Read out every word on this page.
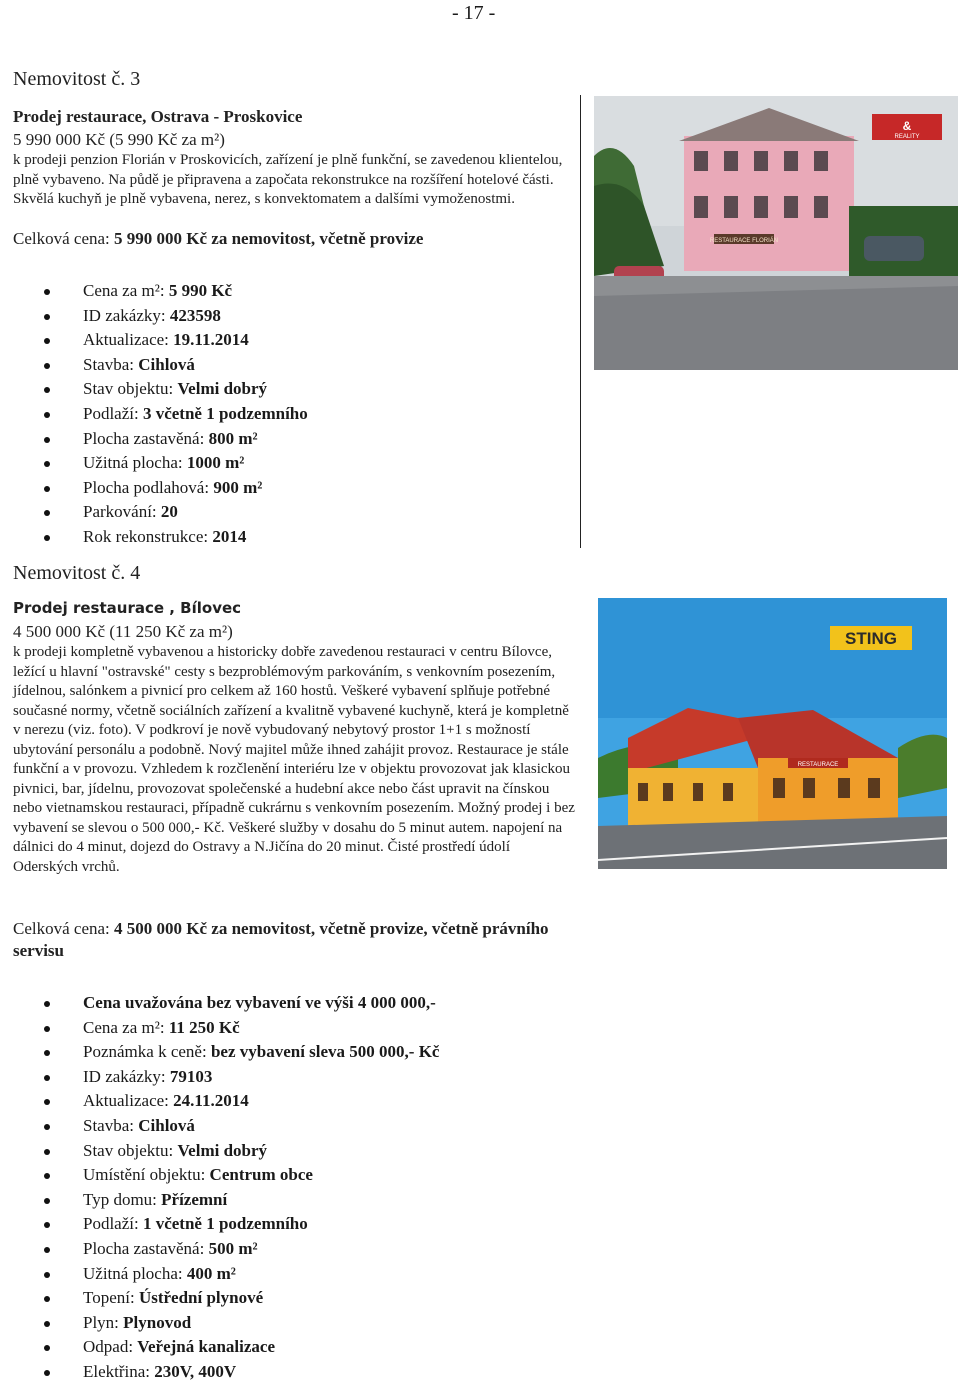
- 17 -
Nemovitost č. 3
Prodej restaurace, Ostrava - Proskovice
5 990 000 Kč (5 990 Kč za m²)
k prodeji penzion Florián v Proskovicích, zařízení je plně funkční, se zavedenou klientelou, plně vybaveno. Na půdě je připravena a započata rekonstrukce na rozšíření hotelové části. Skvělá kuchyň je plně vybavena, nerez, s konvektomatem a dalšími vymoženostmi.
Celková cena: 5 990 000 Kč za nemovitost, včetně provize
Cena za m²: 5 990 Kč
ID zakázky: 423598
Aktualizace: 19.11.2014
Stavba: Cihlová
Stav objektu: Velmi dobrý
Podlaží: 3 včetně 1 podzemního
Plocha zastavěná: 800 m²
Užitná plocha: 1000 m²
Plocha podlahová: 900 m²
Parkování: 20
Rok rekonstrukce: 2014
RESTAURACE FLORIÁN
&
REALITY
Nemovitost č. 4
Prodej restaurace , Bílovec
4 500 000 Kč (11 250 Kč za m²)
k prodeji kompletně vybavenou a historicky dobře zavedenou restauraci v centru Bílovce, ležící u hlavní "ostravské" cesty s bezproblémovým parkováním, s venkovním posezením, jídelnou, salónkem a pivnicí pro celkem až 160 hostů. Veškeré vybavení splňuje potřebné současné normy, včetně sociálních zařízení a kvalitně vybavené kuchyně, která je kompletně v nerezu (viz. foto). V podkroví je nově vybudovaný nebytový prostor 1+1 s možností ubytování personálu a podobně. Nový majitel může ihned zahájit provoz. Restaurace je stále funkční a v provozu. Vzhledem k rozčlenění interiéru lze v objektu provozovat jak klasickou pivnici, bar, jídelnu, provozovat společenské a hudební akce nebo část upravit na čínskou nebo vietnamskou restauraci, případně cukrárnu s venkovním posezením. Možný prodej i bez vybavení se slevou o 500 000,- Kč. Veškeré služby v dosahu do 5 minut autem. napojení na dálnici do 4 minut, dojezd do Ostravy a N.Jičína do 20 minut. Čisté prostředí údolí Oderských vrchů.
Celková cena: 4 500 000 Kč za nemovitost, včetně provize, včetně právního servisu
Cena uvažována bez vybavení ve výši 4 000 000,-
Cena za m²: 11 250 Kč
Poznámka k ceně: bez vybavení sleva 500 000,- Kč
ID zakázky: 79103
Aktualizace: 24.11.2014
Stavba: Cihlová
Stav objektu: Velmi dobrý
Umístění objektu: Centrum obce
Typ domu: Přízemní
Podlaží: 1 včetně 1 podzemního
Plocha zastavěná: 500 m²
Užitná plocha: 400 m²
Topení: Ústřední plynové
Plyn: Plynovod
Odpad: Veřejná kanalizace
Elektřina: 230V, 400V
STING
RESTAURACE
